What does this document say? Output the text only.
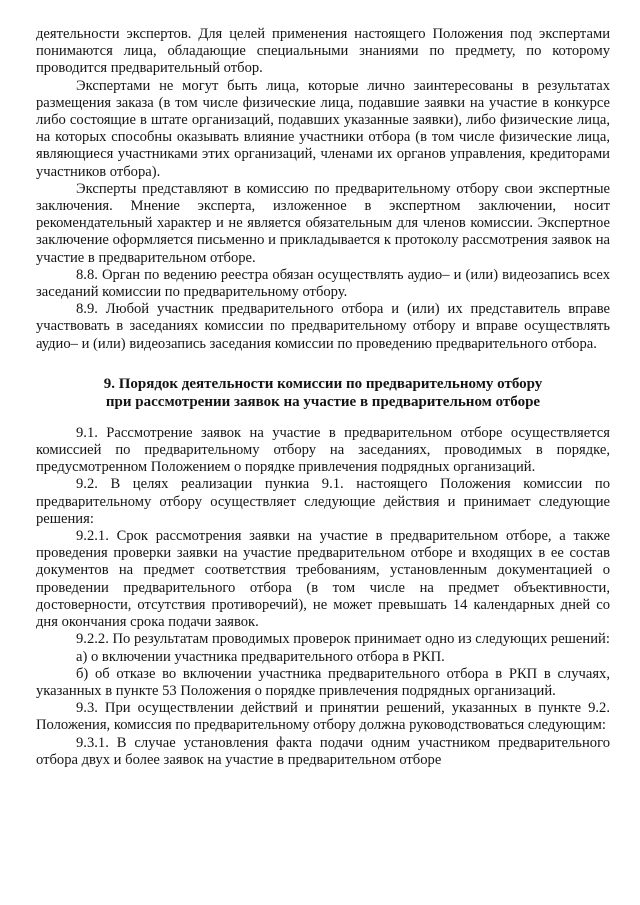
деятельности экспертов. Для целей применения настоящего Положения под экспертами понимаются лица, обладающие специальными знаниями по предмету, по которому проводится предварительный отбор.

Экспертами не могут быть лица, которые лично заинтересованы в результатах размещения заказа (в том числе физические лица, подавшие заявки на участие в конкурсе либо состоящие в штате организаций, подавших указанные заявки), либо физические лица, на которых способны оказывать влияние участники отбора (в том числе физические лица, являющиеся участниками этих организаций, членами их органов управления, кредиторами участников отбора).

Эксперты представляют в комиссию по предварительному отбору свои экспертные заключения. Мнение эксперта, изложенное в экспертном заключении, носит рекомендательный характер и не является обязательным для членов комиссии. Экспертное заключение оформляется письменно и прикладывается к протоколу рассмотрения заявок на участие в предварительном отборе.

8.8. Орган по ведению реестра обязан осуществлять аудио– и (или) видеозапись всех заседаний комиссии по предварительному отбору.

8.9. Любой участник предварительного отбора и (или) их представитель вправе участвовать в заседаниях комиссии по предварительному отбору и вправе осуществлять аудио– и (или) видеозапись заседания комиссии по проведению предварительного отбора.

9. Порядок деятельности комиссии по предварительному отбору
при рассмотрении заявок на участие в предварительном отборе

9.1. Рассмотрение заявок на участие в предварительном отборе осуществляется комиссией по предварительному отбору на заседаниях, проводимых в порядке, предусмотренном Положением о порядке привлечения подрядных организаций.

9.2. В целях реализации пункиа 9.1. настоящего Положения комиссии по предварительному отбору осуществляет следующие действия и принимает следующие решения:

9.2.1. Срок рассмотрения заявки на участие в предварительном отборе, а также проведения проверки заявки на участие предварительном отборе и входящих в ее состав документов на предмет соответствия требованиям, установленным документацией о проведении предварительного отбора (в том числе на предмет объективности, достоверности, отсутствия противоречий), не может превышать 14 календарных дней со дня окончания срока подачи заявок.

9.2.2. По результатам проводимых проверок принимает одно из следующих решений:

а) о включении участника предварительного отбора в РКП.

б) об отказе во включении участника предварительного отбора в РКП в случаях, указанных в пункте 53 Положения о порядке привлечения подрядных организаций.

9.3. При осуществлении действий и принятии решений, указанных в пункте 9.2. Положения, комиссия по предварительному отбору должна руководствоваться следующим:

9.3.1. В случае установления факта подачи одним участником предварительного отбора двух и более заявок на участие в предварительном отборе
